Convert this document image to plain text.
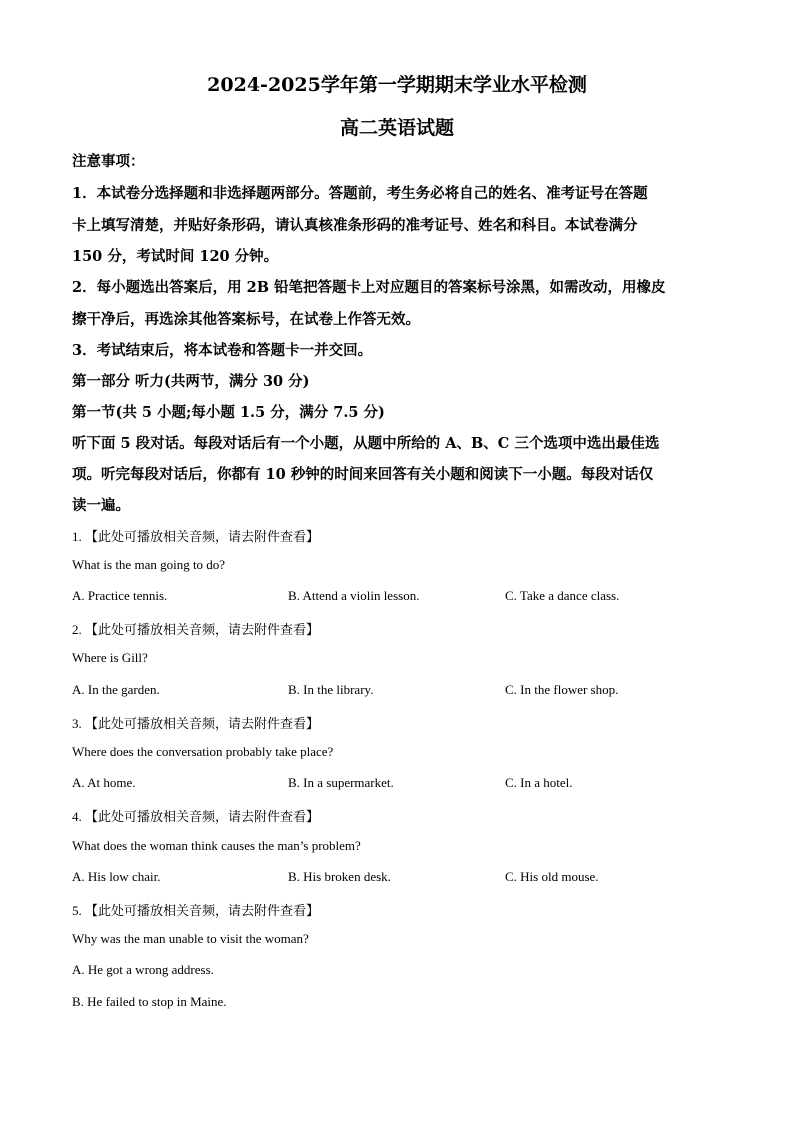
2024-2025学年第一学期期末学业水平检测
高二英语试题
注意事项：
1．本试卷分选择题和非选择题两部分。答题前，考生务必将自己的姓名、准考证号在答题
卡上填写清楚，并贴好条形码，请认真核准条形码的准考证号、姓名和科目。本试卷满分
150 分，考试时间 120 分钟。
2．每小题选出答案后，用 2B 铅笔把答题卡上对应题目的答案标号涂黑，如需改动，用橡皮
擦干净后，再选涂其他答案标号，在试卷上作答无效。
3．考试结束后，将本试卷和答题卡一并交回。
第一部分 听力(共两节，满分 30 分)
第一节(共 5 小题;每小题 1.5 分，满分 7.5 分)
听下面 5 段对话。每段对话后有一个小题，从题中所给的 A、B、C 三个选项中选出最佳选
项。听完每段对话后，你都有 10 秒钟的时间来回答有关小题和阅读下一小题。每段对话仅
读一遍。
1. 【此处可播放相关音频，请去附件查看】
What is the man going to do?
A. Practice tennis.	B. Attend a violin lesson.	C. Take a dance class.
2. 【此处可播放相关音频，请去附件查看】
Where is Gill?
A. In the garden.	B. In the library.	C. In the flower shop.
3. 【此处可播放相关音频，请去附件查看】
Where does the conversation probably take place?
A. At home.	B. In a supermarket.	C. In a hotel.
4. 【此处可播放相关音频，请去附件查看】
What does the woman think causes the man’s problem?
A. His low chair.	B. His broken desk.	C. His old mouse.
5. 【此处可播放相关音频，请去附件查看】
Why was the man unable to visit the woman?
A. He got a wrong address.
B. He failed to stop in Maine.
